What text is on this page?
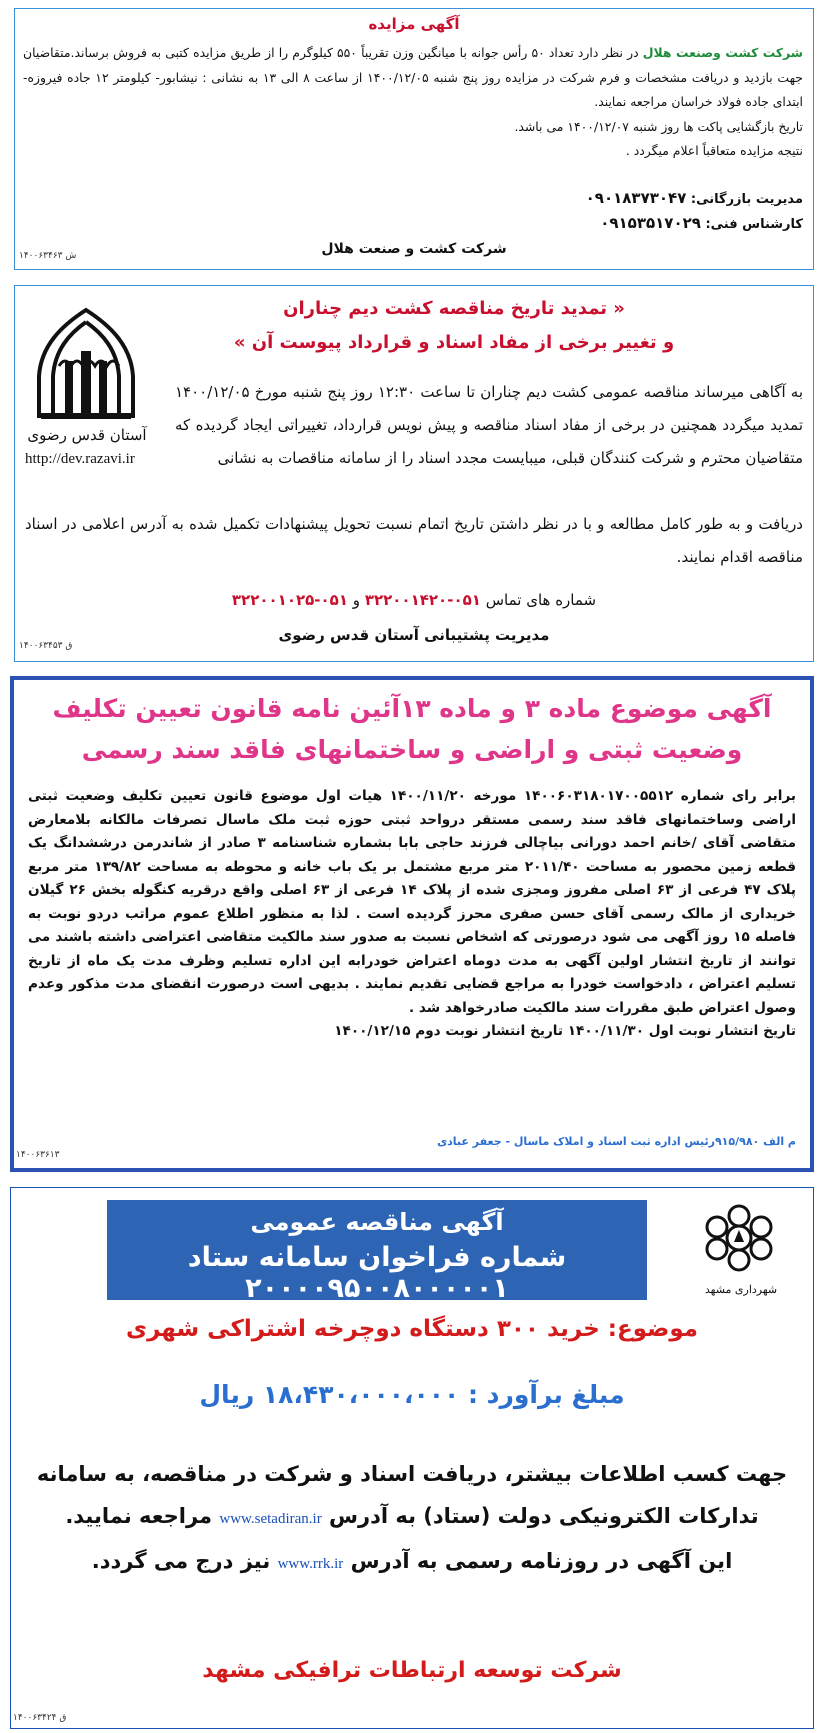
آگهی مزایده
شرکت کشت وصنعت هلال در نظر دارد تعداد ۵۰ رأس جوانه با میانگین وزن تقریباً ۵۵۰ کیلوگرم را از طریق مزایده کتبی به فروش برساند.متقاضیان جهت بازدید و دریافت مشخصات و فرم شرکت در مزایده روز پنج شنبه ۱۴۰۰/۱۲/۰۵ از ساعت ۸ الی ۱۳ به نشانی : نیشابور- کیلومتر ۱۲ جاده فیروزه- ابتدای جاده فولاد خراسان مراجعه نمایند.
تاریخ بازگشایی پاکت ها روز شنبه ۱۴۰۰/۱۲/۰۷ می باشد.
نتیجه مزایده متعاقباً اعلام میگردد .
مدیریت بازرگانی: ۰۹۰۱۸۳۷۳۰۴۷
کارشناس فنی: ۰۹۱۵۳۵۱۷۰۲۹
شرکت کشت و صنعت هلال
ش ۱۴۰۰۶۳۴۶۳
آستان قدس رضوی
« تمدید تاریخ مناقصه کشت دیم چناران
و تغییر برخی از مفاد اسناد و قرارداد پیوست آن »
به آگاهی میرساند مناقصه عمومی کشت دیم چناران تا ساعت ۱۲:۳۰ روز پنج شنبه مورخ ۱۴۰۰/۱۲/۰۵ تمدید میگردد همچنین در برخی از مفاد اسناد مناقصه و پیش نویس قرارداد، تغییراتی ایجاد گردیده که متقاضیان محترم و شرکت کنندگان قبلی، میبایست مجدد اسناد را از سامانه مناقصات به نشانی
http://dev.razavi.ir
دریافت و به طور کامل مطالعه و با در نظر داشتن تاریخ اتمام نسبت تحویل پیشنهادات تکمیل شده به آدرس اعلامی در اسناد مناقصه اقدام نمایند.
شماره های تماس ۰۵۱-۳۲۲۰۰۱۴۲۰ و ۰۵۱-۳۲۲۰۰۱۰۲۵
مدیریت پشتیبانی آستان قدس رضوی
ق ۱۴۰۰۶۳۴۵۳
آگهی موضوع ماده ۳ و ماده ۱۳آئین نامه قانون تعیین تکلیف
وضعیت ثبتی و اراضی و ساختمانهای فاقد سند رسمی
برابر رای شماره ۱۴۰۰۶۰۳۱۸۰۱۷۰۰۵۵۱۲ مورخه ۱۴۰۰/۱۱/۲۰ هیات اول موضوع قانون تعیین تکلیف وضعیت ثبتی اراضی وساختمانهای فاقد سند رسمی مستقر درواحد ثبتی حوزه ثبت ملک ماسال تصرفات مالکانه بلامعارض متقاضی آقای /خانم احمد دورانی بیاچالی فرزند حاجی بابا بشماره شناسنامه ۳ صادر از شاندرمن درششدانگ یک قطعه زمین محصور به مساحت ۲۰۱۱/۴۰ متر مربع مشتمل بر یک باب خانه و محوطه به مساحت ۱۳۹/۸۲ متر مربع پلاک ۴۷ فرعی از ۶۳ اصلی مفروز ومجزی شده از پلاک ۱۴ فرعی از ۶۳ اصلی واقع درقریه کنگوله بخش ۲۶ گیلان خریداری از مالک رسمی آقای حسن صفری محرز گردیده است . لذا به منظور اطلاع عموم مراتب دردو نوبت به فاصله ۱۵ روز آگهی می شود درصورتی که اشخاص نسبت به صدور سند مالکیت متقاضی اعتراضی داشته باشند می توانند از تاریخ انتشار اولین آگهی به مدت دوماه اعتراض خودرابه این اداره تسلیم وظرف مدت یک ماه از تاریخ تسلیم اعتراض ، دادخواست خودرا به مراجع قضایی تقدیم نمایند . بدیهی است درصورت انقضای مدت مذکور وعدم وصول اعتراض طبق مقررات سند مالکیت صادرخواهد شد .
تاریخ انتشار نوبت اول ۱۴۰۰/۱۱/۳۰ تاریخ انتشار نوبت دوم ۱۴۰۰/۱۲/۱۵
م الف ۹۱۵/۹۸۰رئیس اداره ثبت اسناد و املاک ماسال - جعفر عبادی
۱۴۰۰۶۳۶۱۳
آگهی مناقصه عمومی
شماره فراخوان سامانه ستاد ۲۰۰۰۰۹۵۰۰۸۰۰۰۰۰۱	شهرداری مشهد
موضوع: خرید ۳۰۰ دستگاه دوچرخه اشتراکی شهری
مبلغ برآورد : ۱۸،۴۳۰،۰۰۰،۰۰۰ ریال
جهت کسب اطلاعات بیشتر، دریافت اسناد و شرکت در مناقصه، به سامانه
تدارکات الکترونیکی دولت (ستاد) به آدرس www.setadiran.ir مراجعه نمایید.
این آگهی در روزنامه رسمی به آدرس www.rrk.ir نیز درج می گردد.
شرکت توسعه ارتباطات ترافیکی مشهد
ق ۱۴۰۰۶۳۴۲۴
